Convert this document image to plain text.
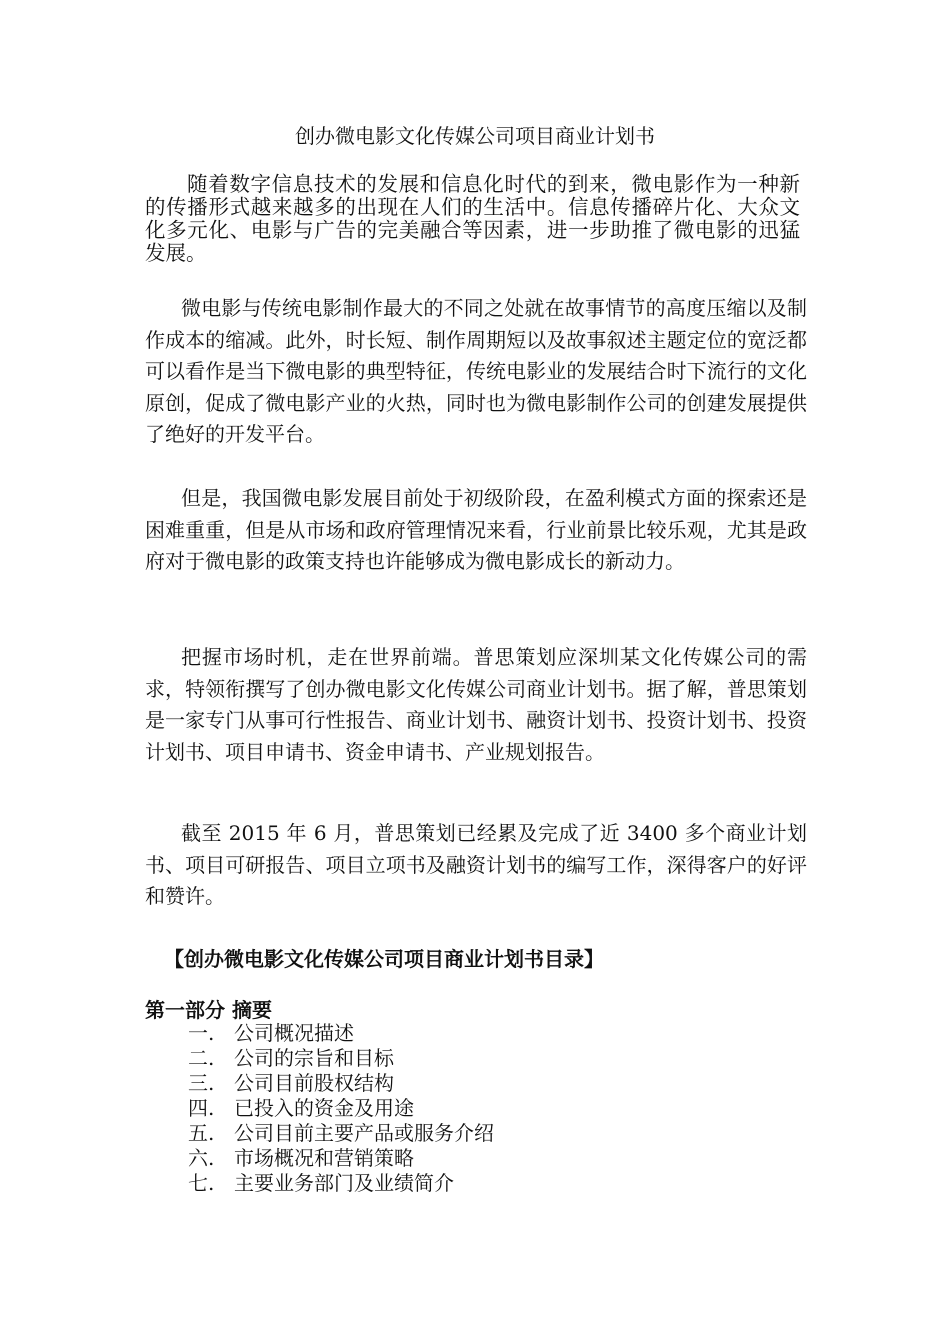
创办微电影文化传媒公司项目商业计划书

随着数字信息技术的发展和信息化时代的到来，微电影作为一种新的传播形式越来越多的出现在人们的生活中。信息传播碎片化、大众文化多元化、电影与广告的完美融合等因素，进一步助推了微电影的迅猛发展。

微电影与传统电影制作最大的不同之处就在故事情节的高度压缩以及制作成本的缩减。此外，时长短、制作周期短以及故事叙述主题定位的宽泛都可以看作是当下微电影的典型特征，传统电影业的发展结合时下流行的文化原创，促成了微电影产业的火热，同时也为微电影制作公司的创建发展提供了绝好的开发平台。

但是，我国微电影发展目前处于初级阶段，在盈利模式方面的探索还是困难重重，但是从市场和政府管理情况来看，行业前景比较乐观，尤其是政府对于微电影的政策支持也许能够成为微电影成长的新动力。

把握市场时机，走在世界前端。普思策划应深圳某文化传媒公司的需求，特领衔撰写了创办微电影文化传媒公司商业计划书。据了解，普思策划是一家专门从事可行性报告、商业计划书、融资计划书、投资计划书、投资计划书、项目申请书、资金申请书、产业规划报告。

截至 2015 年 6 月，普思策划已经累及完成了近 3400 多个商业计划书、项目可研报告、项目立项书及融资计划书的编写工作，深得客户的好评和赞许。

【创办微电影文化传媒公司项目商业计划书目录】
第一部分 摘要
一. 公司概况描述
二. 公司的宗旨和目标
三. 公司目前股权结构
四. 已投入的资金及用途
五. 公司目前主要产品或服务介绍
六. 市场概况和营销策略
七. 主要业务部门及业绩简介
